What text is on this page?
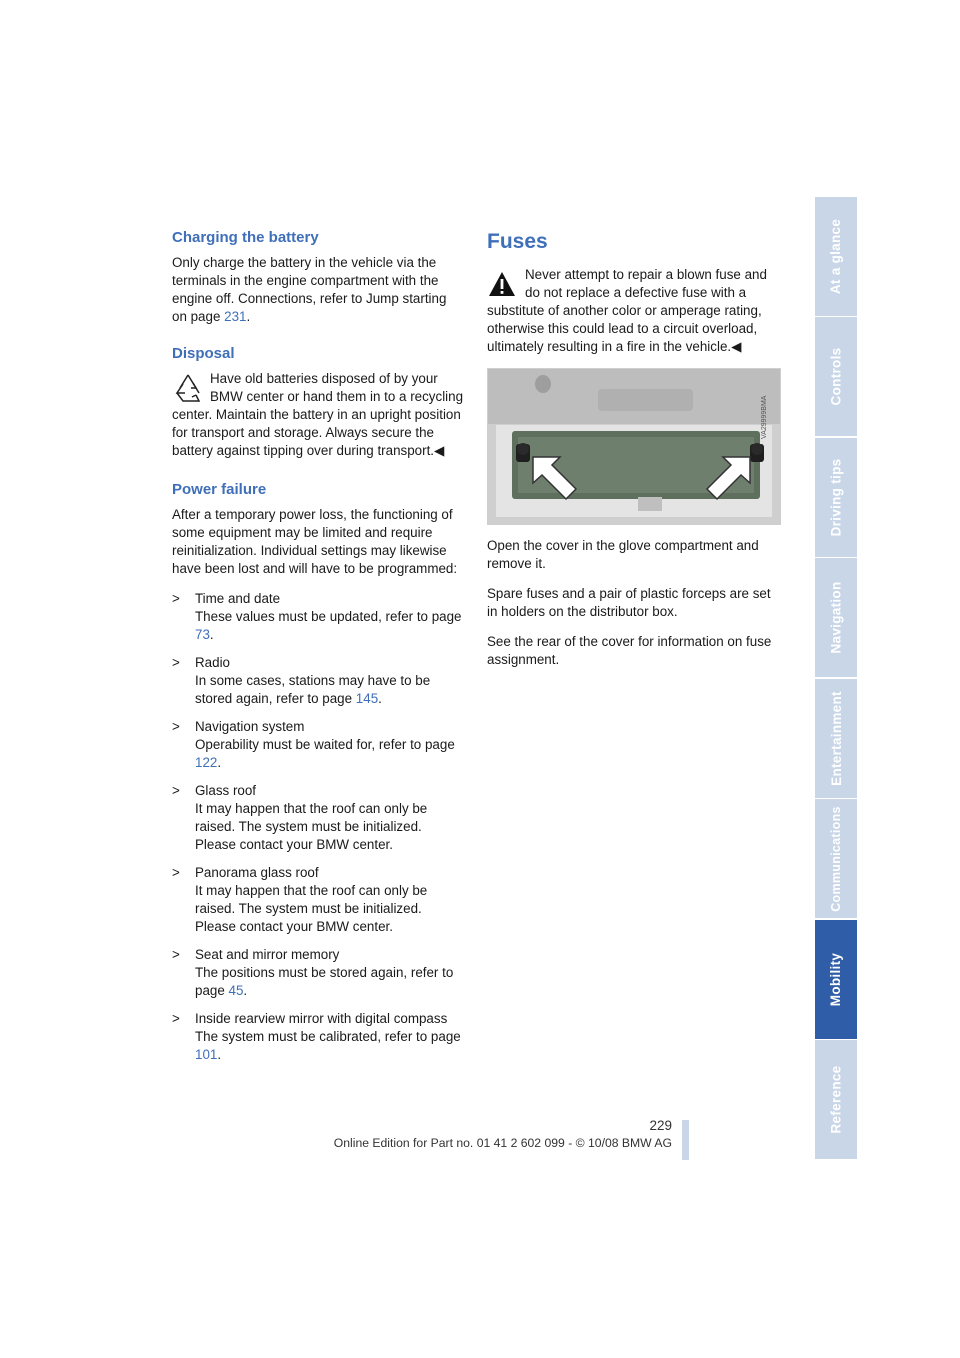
Charging the battery

Only charge the battery in the vehicle via the terminals in the engine compartment with the engine off. Connections, refer to Jump starting on page 231.

Disposal
Have old batteries disposed of by your BMW center or hand them in to a recycling center. Maintain the battery in an upright position for transport and storage. Always secure the battery against tipping over during transport.◀
Power failure

After a temporary power loss, the functioning of some equipment may be limited and require reinitialization. Individual settings may likewise have been lost and will have to be programmed:

> Time and date
These values must be updated, refer to page 73.
> Radio
In some cases, stations may have to be stored again, refer to page 145.
> Navigation system
Operability must be waited for, refer to page 122.
> Glass roof
It may happen that the roof can only be raised. The system must be initialized. Please contact your BMW center.
> Panorama glass roof
It may happen that the roof can only be raised. The system must be initialized. Please contact your BMW center.
> Seat and mirror memory
The positions must be stored again, refer to page 45.
> Inside rearview mirror with digital compass
The system must be calibrated, refer to page 101.
Fuses
Never attempt to repair a blown fuse and do not replace a defective fuse with a substitute of another color or amperage rating, otherwise this could lead to a circuit overload, ultimately resulting in a fire in the vehicle.◀
VA29999BMA

Open the cover in the glove compartment and remove it.

Spare fuses and a pair of plastic forceps are set in holders on the distributor box.

See the rear of the cover for information on fuse assignment.

At a glance
Controls
Driving tips
Navigation
Entertainment
Communications
Mobility
Reference
229
Online Edition for Part no. 01 41 2 602 099 - © 10/08 BMW AG
